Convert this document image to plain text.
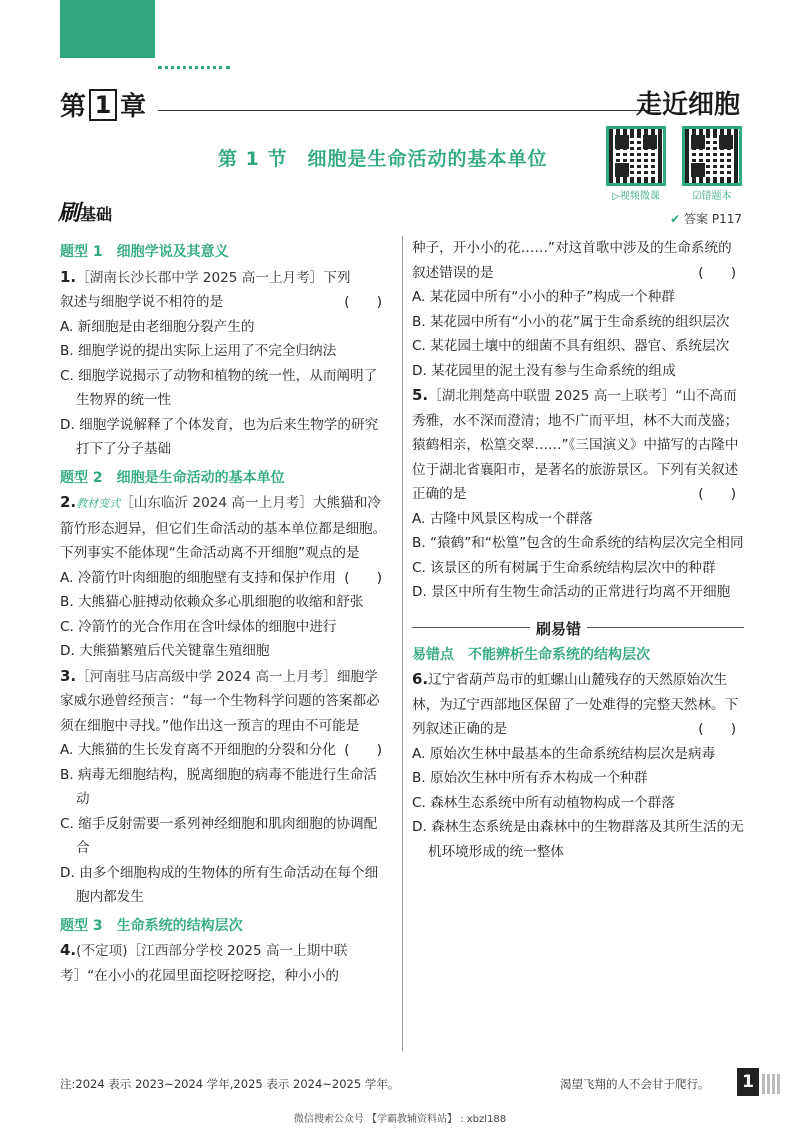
第 1 章	走近细胞
第 1 节　细胞是生命活动的基本单位
▷视频微课	☑错题本
刷基础	✔ 答案 P117
题型 1　细胞学说及其意义

1.［湖南长沙长郡中学 2025 高一上月考］下列
叙述与细胞学说不相符的是	(　　)

A. 新细胞是由老细胞分裂产生的

B. 细胞学说的提出实际上运用了不完全归纳法

C. 细胞学说揭示了动物和植物的统一性，从而阐明了生物界的统一性

D. 细胞学说解释了个体发育，也为后来生物学的研究打下了分子基础

题型 2　细胞是生命活动的基本单位

2.教材变式［山东临沂 2024 高一上月考］大熊猫和冷箭竹形态迥异，但它们生命活动的基本单位都是细胞。下列事实不能体现“生命活动离不开细胞”观点的是
(　　)

A. 冷箭竹叶肉细胞的细胞壁有支持和保护作用

B. 大熊猫心脏搏动依赖众多心肌细胞的收缩和舒张

C. 冷箭竹的光合作用在含叶绿体的细胞中进行

D. 大熊猫繁殖后代关键靠生殖细胞

3.［河南驻马店高级中学 2024 高一上月考］细胞学家威尔逊曾经预言：“每一个生物科学问题的答案都必须在细胞中寻找。”他作出这一预言的理由不可能是
(　　)

A. 大熊猫的生长发育离不开细胞的分裂和分化

B. 病毒无细胞结构，脱离细胞的病毒不能进行生命活动

C. 缩手反射需要一系列神经细胞和肌肉细胞的协调配合

D. 由多个细胞构成的生物体的所有生命活动在每个细胞内都发生

题型 3　生命系统的结构层次

4.(不定项)［江西部分学校 2025 高一上期中联考］“在小小的花园里面挖呀挖呀挖，种小小的

种子，开小小的花……”对这首歌中涉及的生命系统的叙述错误的是	(　　)

A. 某花园中所有“小小的种子”构成一个种群

B. 某花园中所有“小小的花”属于生命系统的组织层次

C. 某花园土壤中的细菌不具有组织、器官、系统层次

D. 某花园里的泥土没有参与生命系统的组成

5.［湖北荆楚高中联盟 2025 高一上联考］“山不高而秀雅，水不深而澄清；地不广而平坦，林不大而茂盛；猿鹤相亲，松篁交翠……”《三国演义》中描写的古隆中位于湖北省襄阳市，是著名的旅游景区。下列有关叙述正确的是	(　　)

A. 古隆中风景区构成一个群落

B. “猿鹤”和“松篁”包含的生命系统的结构层次完全相同

C. 该景区的所有树属于生命系统结构层次中的种群

D. 景区中所有生物生命活动的正常进行均离不开细胞

刷易错
易错点　不能辨析生命系统的结构层次

6.辽宁省葫芦岛市的虹螺山山麓残存的天然原始次生林，为辽宁西部地区保留了一处难得的完整天然林。下列叙述正确的是	(　　)

A. 原始次生林中最基本的生命系统结构层次是病毒

B. 原始次生林中所有乔木构成一个种群

C. 森林生态系统中所有动植物构成一个群落

D. 森林生态系统是由森林中的生物群落及其所生活的无机环境形成的统一整体

注:2024 表示 2023~2024 学年,2025 表示 2024~2025 学年。	渴望飞翔的人不会甘于爬行。 1
微信搜索公众号 【学霸教辅资料站】 : xbzl188
